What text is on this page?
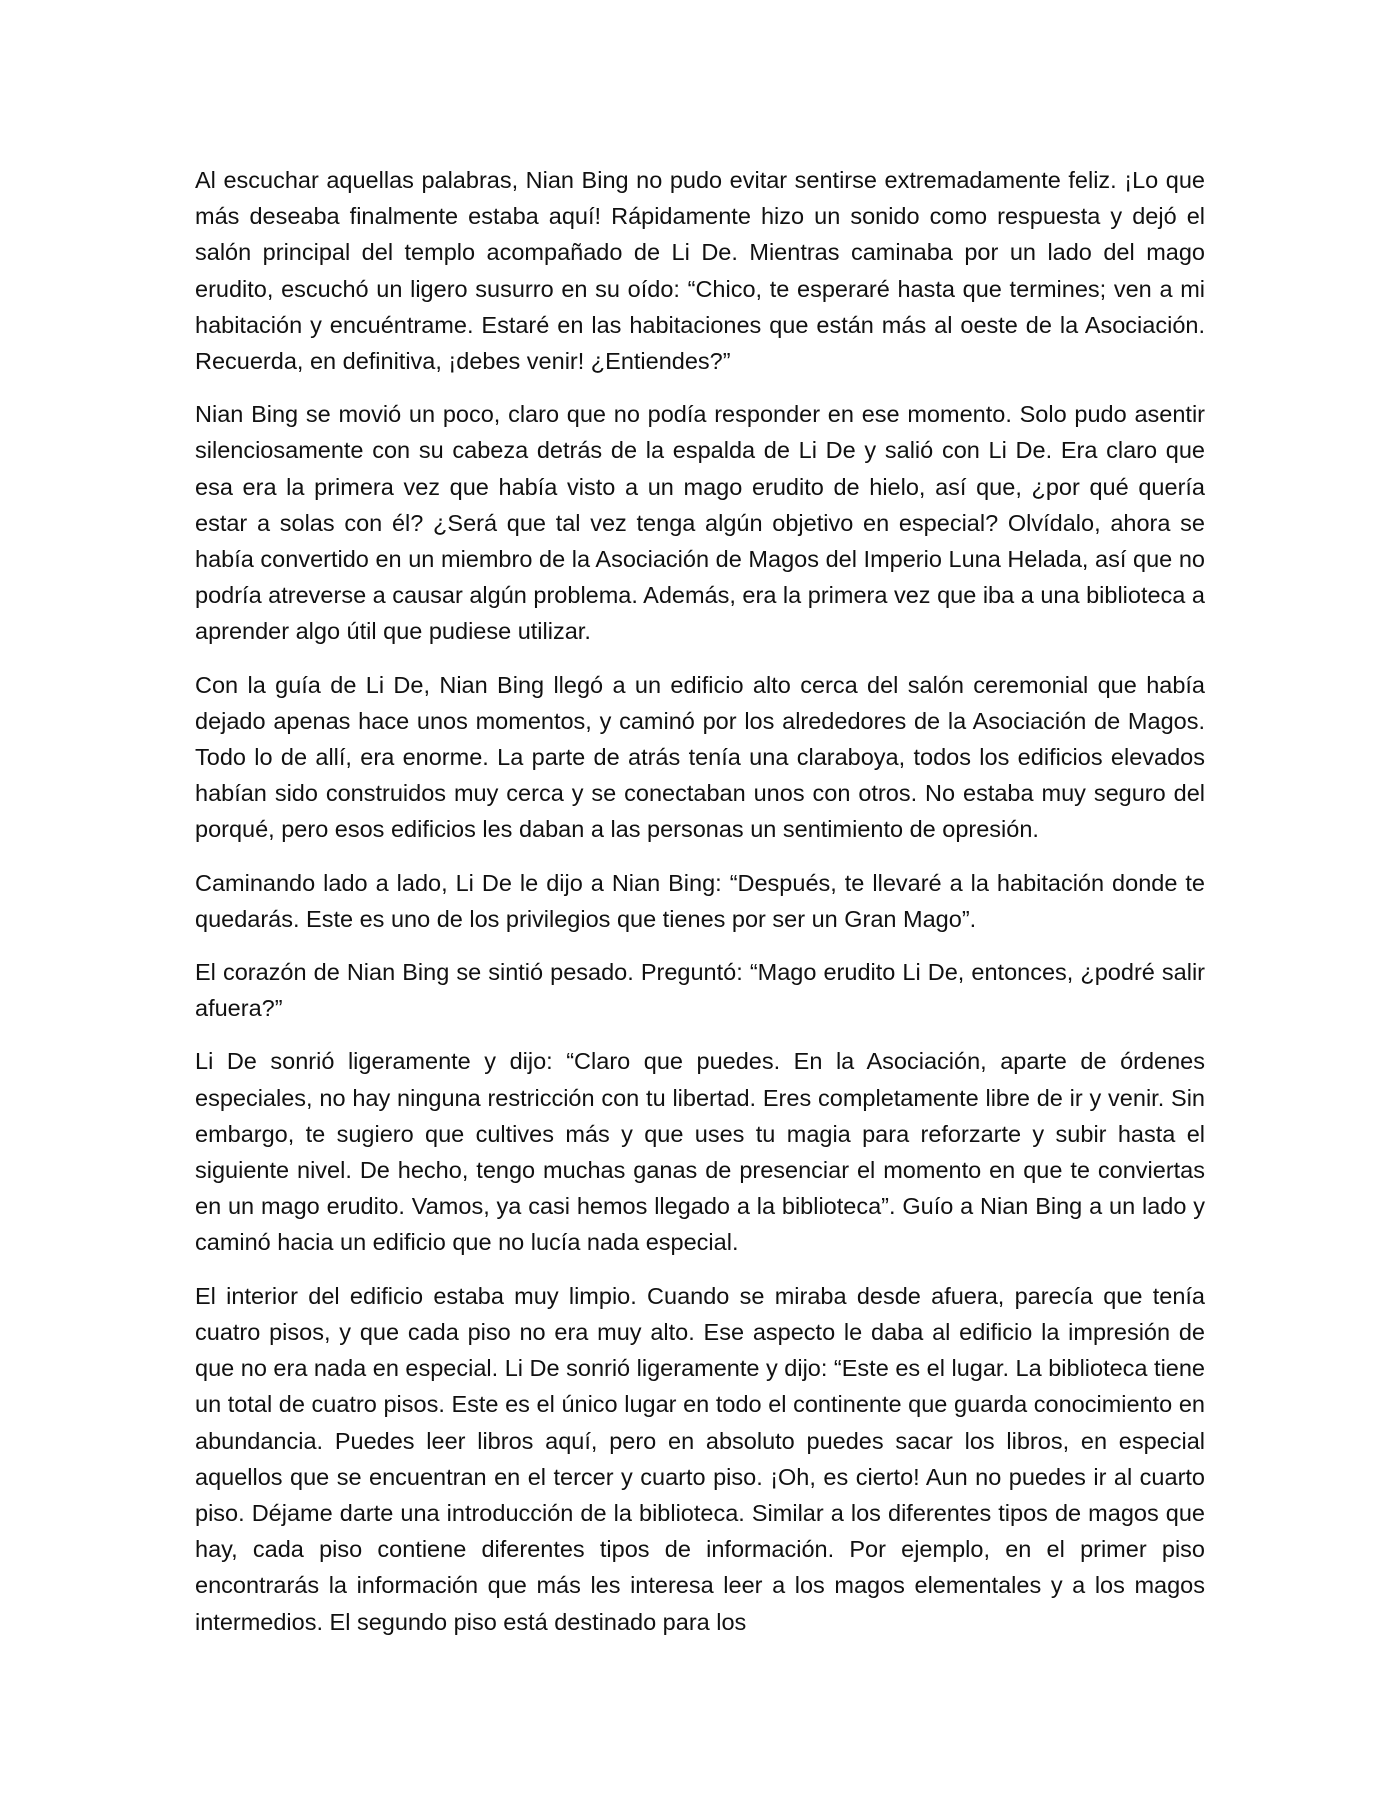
Al escuchar aquellas palabras, Nian Bing no pudo evitar sentirse extremadamente feliz. ¡Lo que más deseaba finalmente estaba aquí! Rápidamente hizo un sonido como respuesta y dejó el salón principal del templo acompañado de Li De. Mientras caminaba por un lado del mago erudito, escuchó un ligero susurro en su oído: “Chico, te esperaré hasta que termines; ven a mi habitación y encuéntrame. Estaré en las habitaciones que están más al oeste de la Asociación. Recuerda, en definitiva, ¡debes venir! ¿Entiendes?”

Nian Bing se movió un poco, claro que no podía responder en ese momento. Solo pudo asentir silenciosamente con su cabeza detrás de la espalda de Li De y salió con Li De. Era claro que esa era la primera vez que había visto a un mago erudito de hielo, así que, ¿por qué quería estar a solas con él? ¿Será que tal vez tenga algún objetivo en especial? Olvídalo, ahora se había convertido en un miembro de la Asociación de Magos del Imperio Luna Helada, así que no podría atreverse a causar algún problema. Además, era la primera vez que iba a una biblioteca a aprender algo útil que pudiese utilizar.

Con la guía de Li De, Nian Bing llegó a un edificio alto cerca del salón ceremonial que había dejado apenas hace unos momentos, y caminó por los alrededores de la Asociación de Magos. Todo lo de allí, era enorme. La parte de atrás tenía una claraboya, todos los edificios elevados habían sido construidos muy cerca y se conectaban unos con otros. No estaba muy seguro del porqué, pero esos edificios les daban a las personas un sentimiento de opresión.

Caminando lado a lado, Li De le dijo a Nian Bing: “Después, te llevaré a la habitación donde te quedarás. Este es uno de los privilegios que tienes por ser un Gran Mago”.

El corazón de Nian Bing se sintió pesado. Preguntó: “Mago erudito Li De, entonces, ¿podré salir afuera?”

Li De sonrió ligeramente y dijo: “Claro que puedes. En la Asociación, aparte de órdenes especiales, no hay ninguna restricción con tu libertad. Eres completamente libre de ir y venir. Sin embargo, te sugiero que cultives más y que uses tu magia para reforzarte y subir hasta el siguiente nivel. De hecho, tengo muchas ganas de presenciar el momento en que te conviertas en un mago erudito. Vamos, ya casi hemos llegado a la biblioteca”. Guío a Nian Bing a un lado y caminó hacia un edificio que no lucía nada especial.

El interior del edificio estaba muy limpio. Cuando se miraba desde afuera, parecía que tenía cuatro pisos, y que cada piso no era muy alto. Ese aspecto le daba al edificio la impresión de que no era nada en especial. Li De sonrió ligeramente y dijo: “Este es el lugar. La biblioteca tiene un total de cuatro pisos. Este es el único lugar en todo el continente que guarda conocimiento en abundancia. Puedes leer libros aquí, pero en absoluto puedes sacar los libros, en especial aquellos que se encuentran en el tercer y cuarto piso. ¡Oh, es cierto! Aun no puedes ir al cuarto piso. Déjame darte una introducción de la biblioteca. Similar a los diferentes tipos de magos que hay, cada piso contiene diferentes tipos de información. Por ejemplo, en el primer piso encontrarás la información que más les interesa leer a los magos elementales y a los magos intermedios. El segundo piso está destinado para los
